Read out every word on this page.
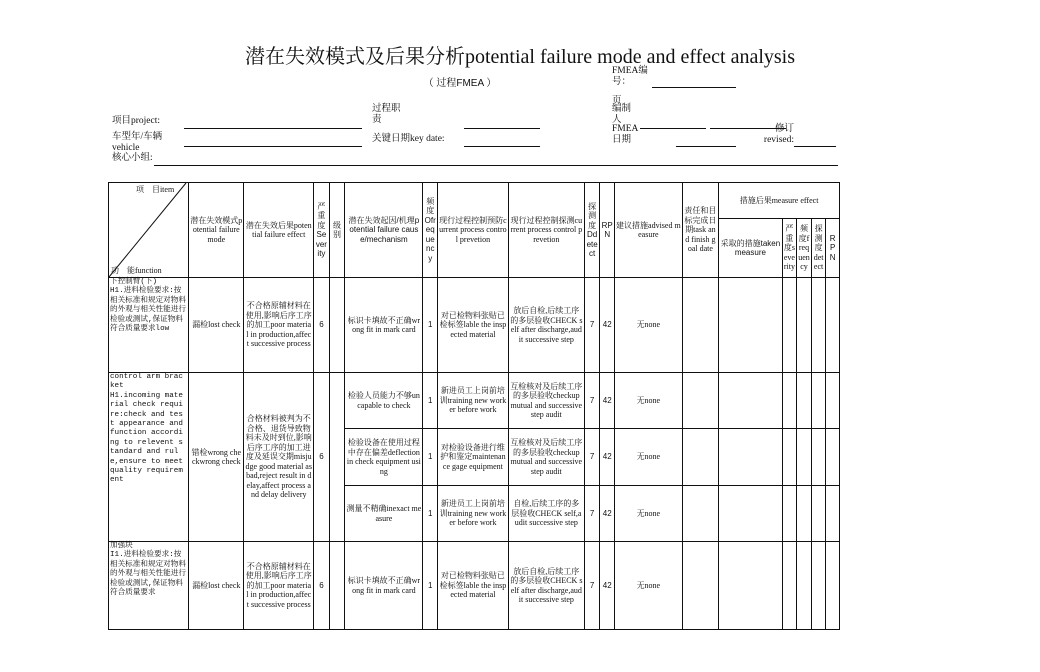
潜在失效模式及后果分析potential failure mode and effect analysis
（ 过程FMEA ）
FMEA编号：
页
过程职责
编制人
项目project:
车型年/车辆vehicle
关键日期key date:
FMEA日期
修订revised:
核心小组:
项　目item
功　能function	潜在失效模式potential failure mode	潜在失效后果potential failure effect	严重度Severity	级别	潜在失效起因/机理potential failure cause/mechanism	频度Ofrequency	现行过程控制预防current process control prevetion	现行过程控制探测current process control prevetion	探测度Ddetect	RPN	建议措施advised measure	责任和目标完成日期task and finish goal date	措施后果measure effect				
													采取的措施taken measure	严重度severity	频度frequency	探测度detect	RPN
下控制臂(下)
H1.进料检验要求:按相关标准和规定对物料的外观与相关性能进行检验或测试,保证物料符合质量要求low	漏检lost check	不合格原辅材料在使用,影响后序工序的加工poor material in production,affect successive process	6		标识卡填故不正确wrong fit in mark card	1	对已检物料张贴已检标签lable the inspected material	放后自检,后续工序的多层验收CHECK self after discharge,audit successive step	7	42	无none						
control arm bracket
H1.incoming material check require:check and test appearance and function according to relevent standard and rule,ensure to meet quality requirement	错检wrong checkwrong check	合格材料被判为不合格、退货导致物料未及时到位,影响后序工序的加工进度及延误交期misjudge good material as bad,reject result in delay,affect process and delay delivery	6		检验人员能力不够uncapable to check	1	新进员工上岗前培训training new worker before work	互检核对及后续工序的多层验收checkup mutual and successive step audit	7	42	无none						
					检验设备在使用过程中存在偏差deflection in check equipment using	1	对检验设备进行维护和鉴定maintenance gage equipment	互检核对及后续工序的多层验收checkup mutual and successive step audit	7	42	无none						
					测量不精确inexact measure	1	新进员工上岗前培训training new worker before work	自检,后续工序的多层验收CHECK self,audit successive step	7	42	无none						
加强块
I1.进料检验要求:按相关标准和规定对物料的外观与相关性能进行检验或测试,保证物料符合质量要求	漏检lost check	不合格原辅材料在使用,影响后序工序的加工poor material in production,affect successive process	6		标识卡填故不正确wrong fit in mark card	1	对已检物料张贴已检标签lable the inspected material	放后自检,后续工序的多层验收CHECK self after discharge,audit successive step	7	42	无none						
